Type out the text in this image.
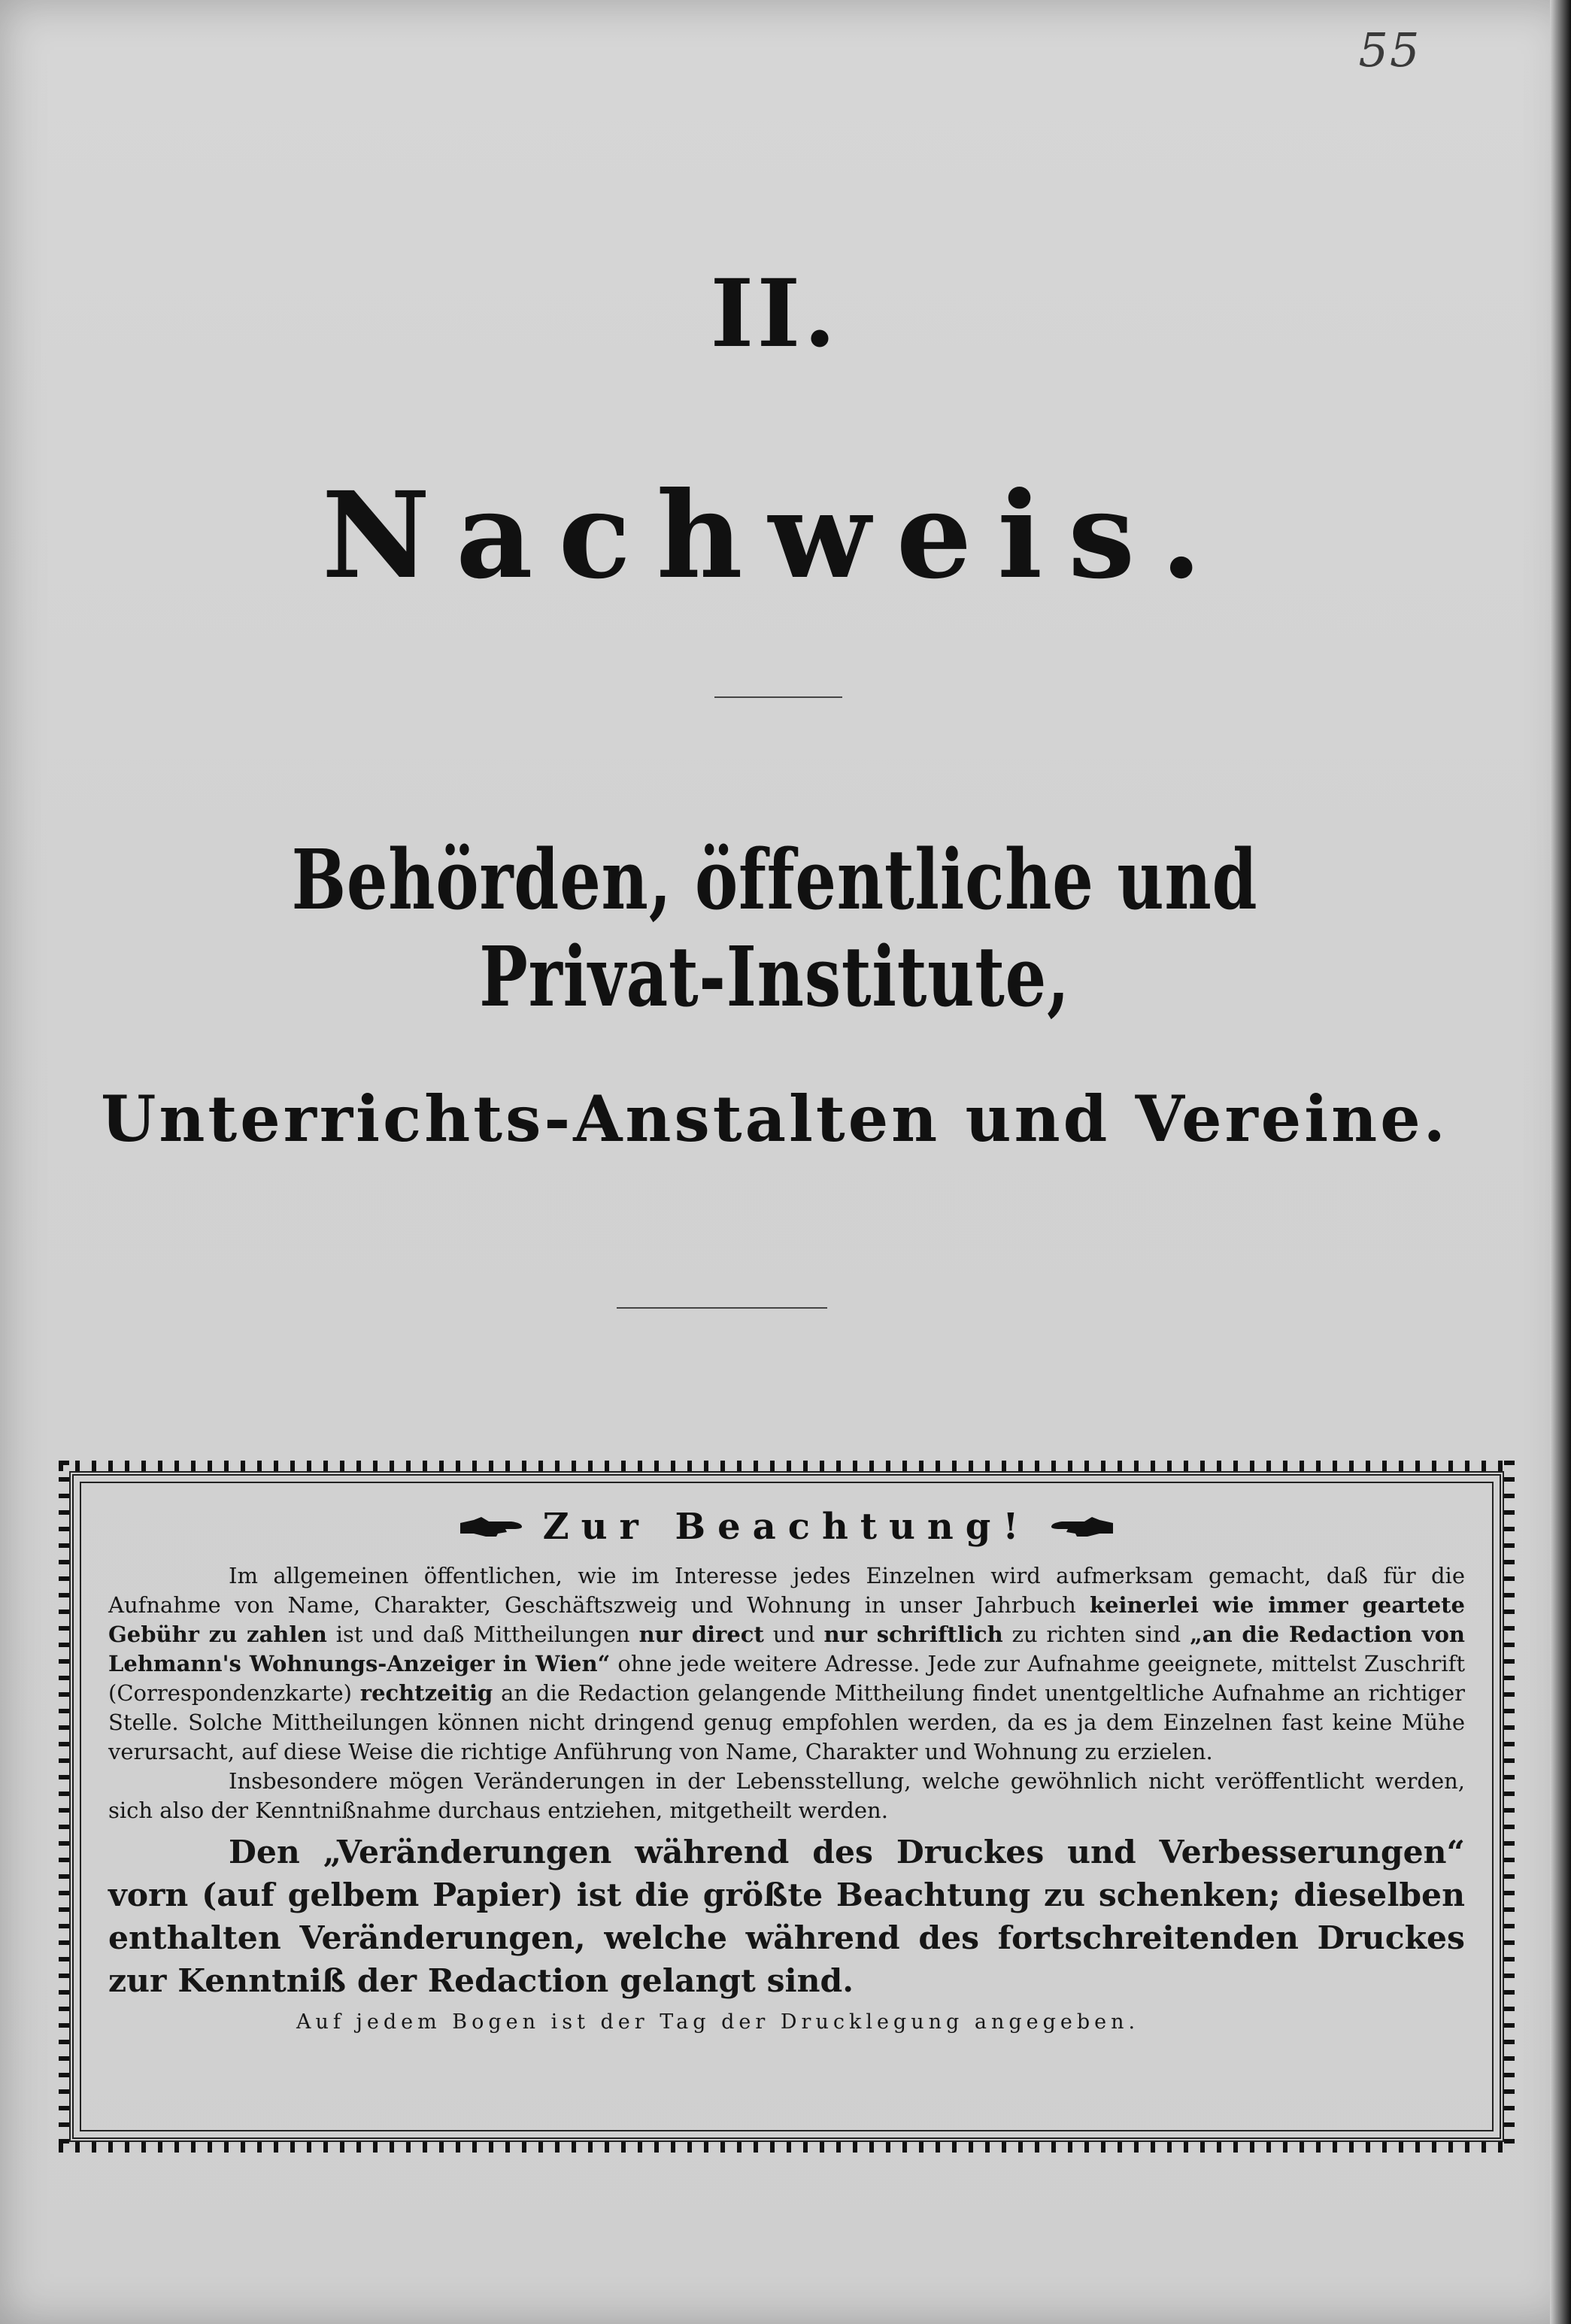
55
II.
Nachweis.
Behörden, öffentliche und Privat-Institute,
Unterrichts-Anstalten und Vereine.
Zur Beachtung!

Im allgemeinen öffentlichen, wie im Interesse jedes Einzelnen wird aufmerksam gemacht, daß für die Aufnahme von Name, Charakter, Geschäftszweig und Wohnung in unser Jahrbuch keinerlei wie immer geartete Gebühr zu zahlen ist und daß Mittheilungen nur direct und nur schriftlich zu richten sind „an die Redaction von Lehmann's Wohnungs-Anzeiger in Wien“ ohne jede weitere Adresse. Jede zur Aufnahme geeignete, mittelst Zuschrift (Correspondenzkarte) rechtzeitig an die Redaction gelangende Mittheilung findet unentgeltliche Aufnahme an richtiger Stelle. Solche Mittheilungen können nicht dringend genug empfohlen werden, da es ja dem Einzelnen fast keine Mühe verursacht, auf diese Weise die richtige Anführung von Name, Charakter und Wohnung zu erzielen.

Insbesondere mögen Veränderungen in der Lebensstellung, welche gewöhnlich nicht veröffentlicht werden, sich also der Kenntnißnahme durchaus entziehen, mitgetheilt werden.

Den „Veränderungen während des Druckes und Verbesserungen“ vorn (auf gelbem Papier) ist die größte Beachtung zu schenken; dieselben enthalten Veränderungen, welche während des fortschreitenden Druckes zur Kenntniß der Redaction gelangt sind.

Auf jedem Bogen ist der Tag der Drucklegung angegeben.
